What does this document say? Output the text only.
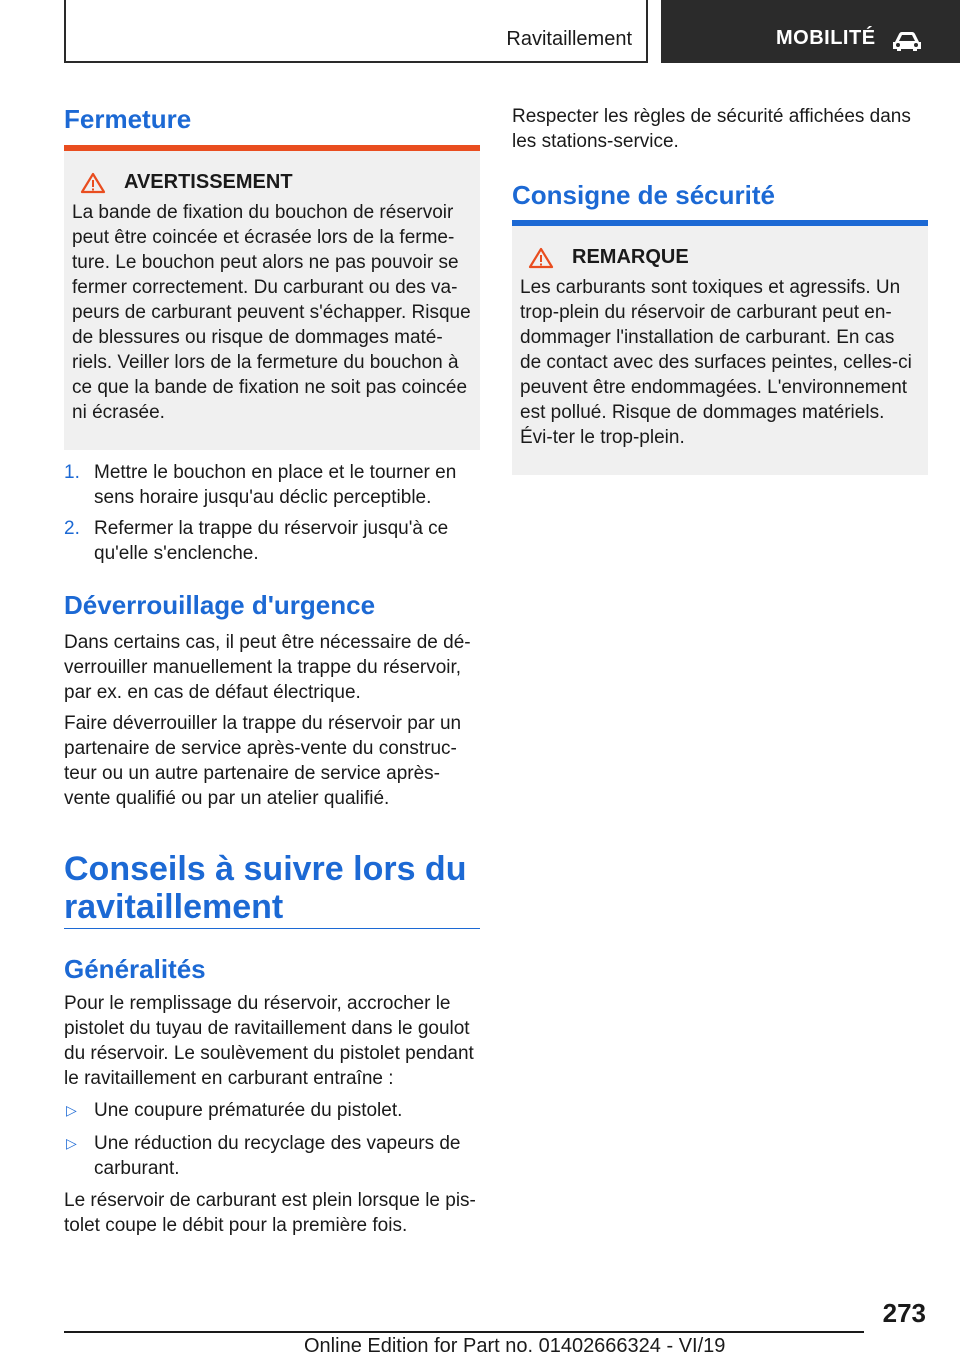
Ravitaillement	MOBILITÉ
Fermeture
AVERTISSEMENT

La bande de fixation du bouchon de réservoir peut être coincée et écrasée lors de la ferme-ture. Le bouchon peut alors ne pas pouvoir se fermer correctement. Du carburant ou des va-peurs de carburant peuvent s'échapper. Risque de blessures ou risque de dommages maté-riels. Veiller lors de la fermeture du bouchon à ce que la bande de fixation ne soit pas coincée ni écrasée.

1. Mettre le bouchon en place et le tourner en sens horaire jusqu'au déclic perceptible.
2. Refermer la trappe du réservoir jusqu'à ce qu'elle s'enclenche.
Déverrouillage d'urgence

Dans certains cas, il peut être nécessaire de dé-verrouiller manuellement la trappe du réservoir, par ex. en cas de défaut électrique.

Faire déverrouiller la trappe du réservoir par un partenaire de service après-vente du construc-teur ou un autre partenaire de service après-vente qualifié ou par un atelier qualifié.

Conseils à suivre lors du
ravitaillement
Généralités

Pour le remplissage du réservoir, accrocher le pistolet du tuyau de ravitaillement dans le goulot du réservoir. Le soulèvement du pistolet pendant le ravitaillement en carburant entraîne :

▷ Une coupure prématurée du pistolet.
▷ Une réduction du recyclage des vapeurs de carburant.

Le réservoir de carburant est plein lorsque le pis-tolet coupe le débit pour la première fois.

Respecter les règles de sécurité affichées dans les stations-service.

Consigne de sécurité
REMARQUE

Les carburants sont toxiques et agressifs. Un trop-plein du réservoir de carburant peut en-dommager l'installation de carburant. En cas de contact avec des surfaces peintes, celles-ci peuvent être endommagées. L'environnement est pollué. Risque de dommages matériels. Évi-ter le trop-plein.

273
Online Edition for Part no. 01402666324 - VI/19
